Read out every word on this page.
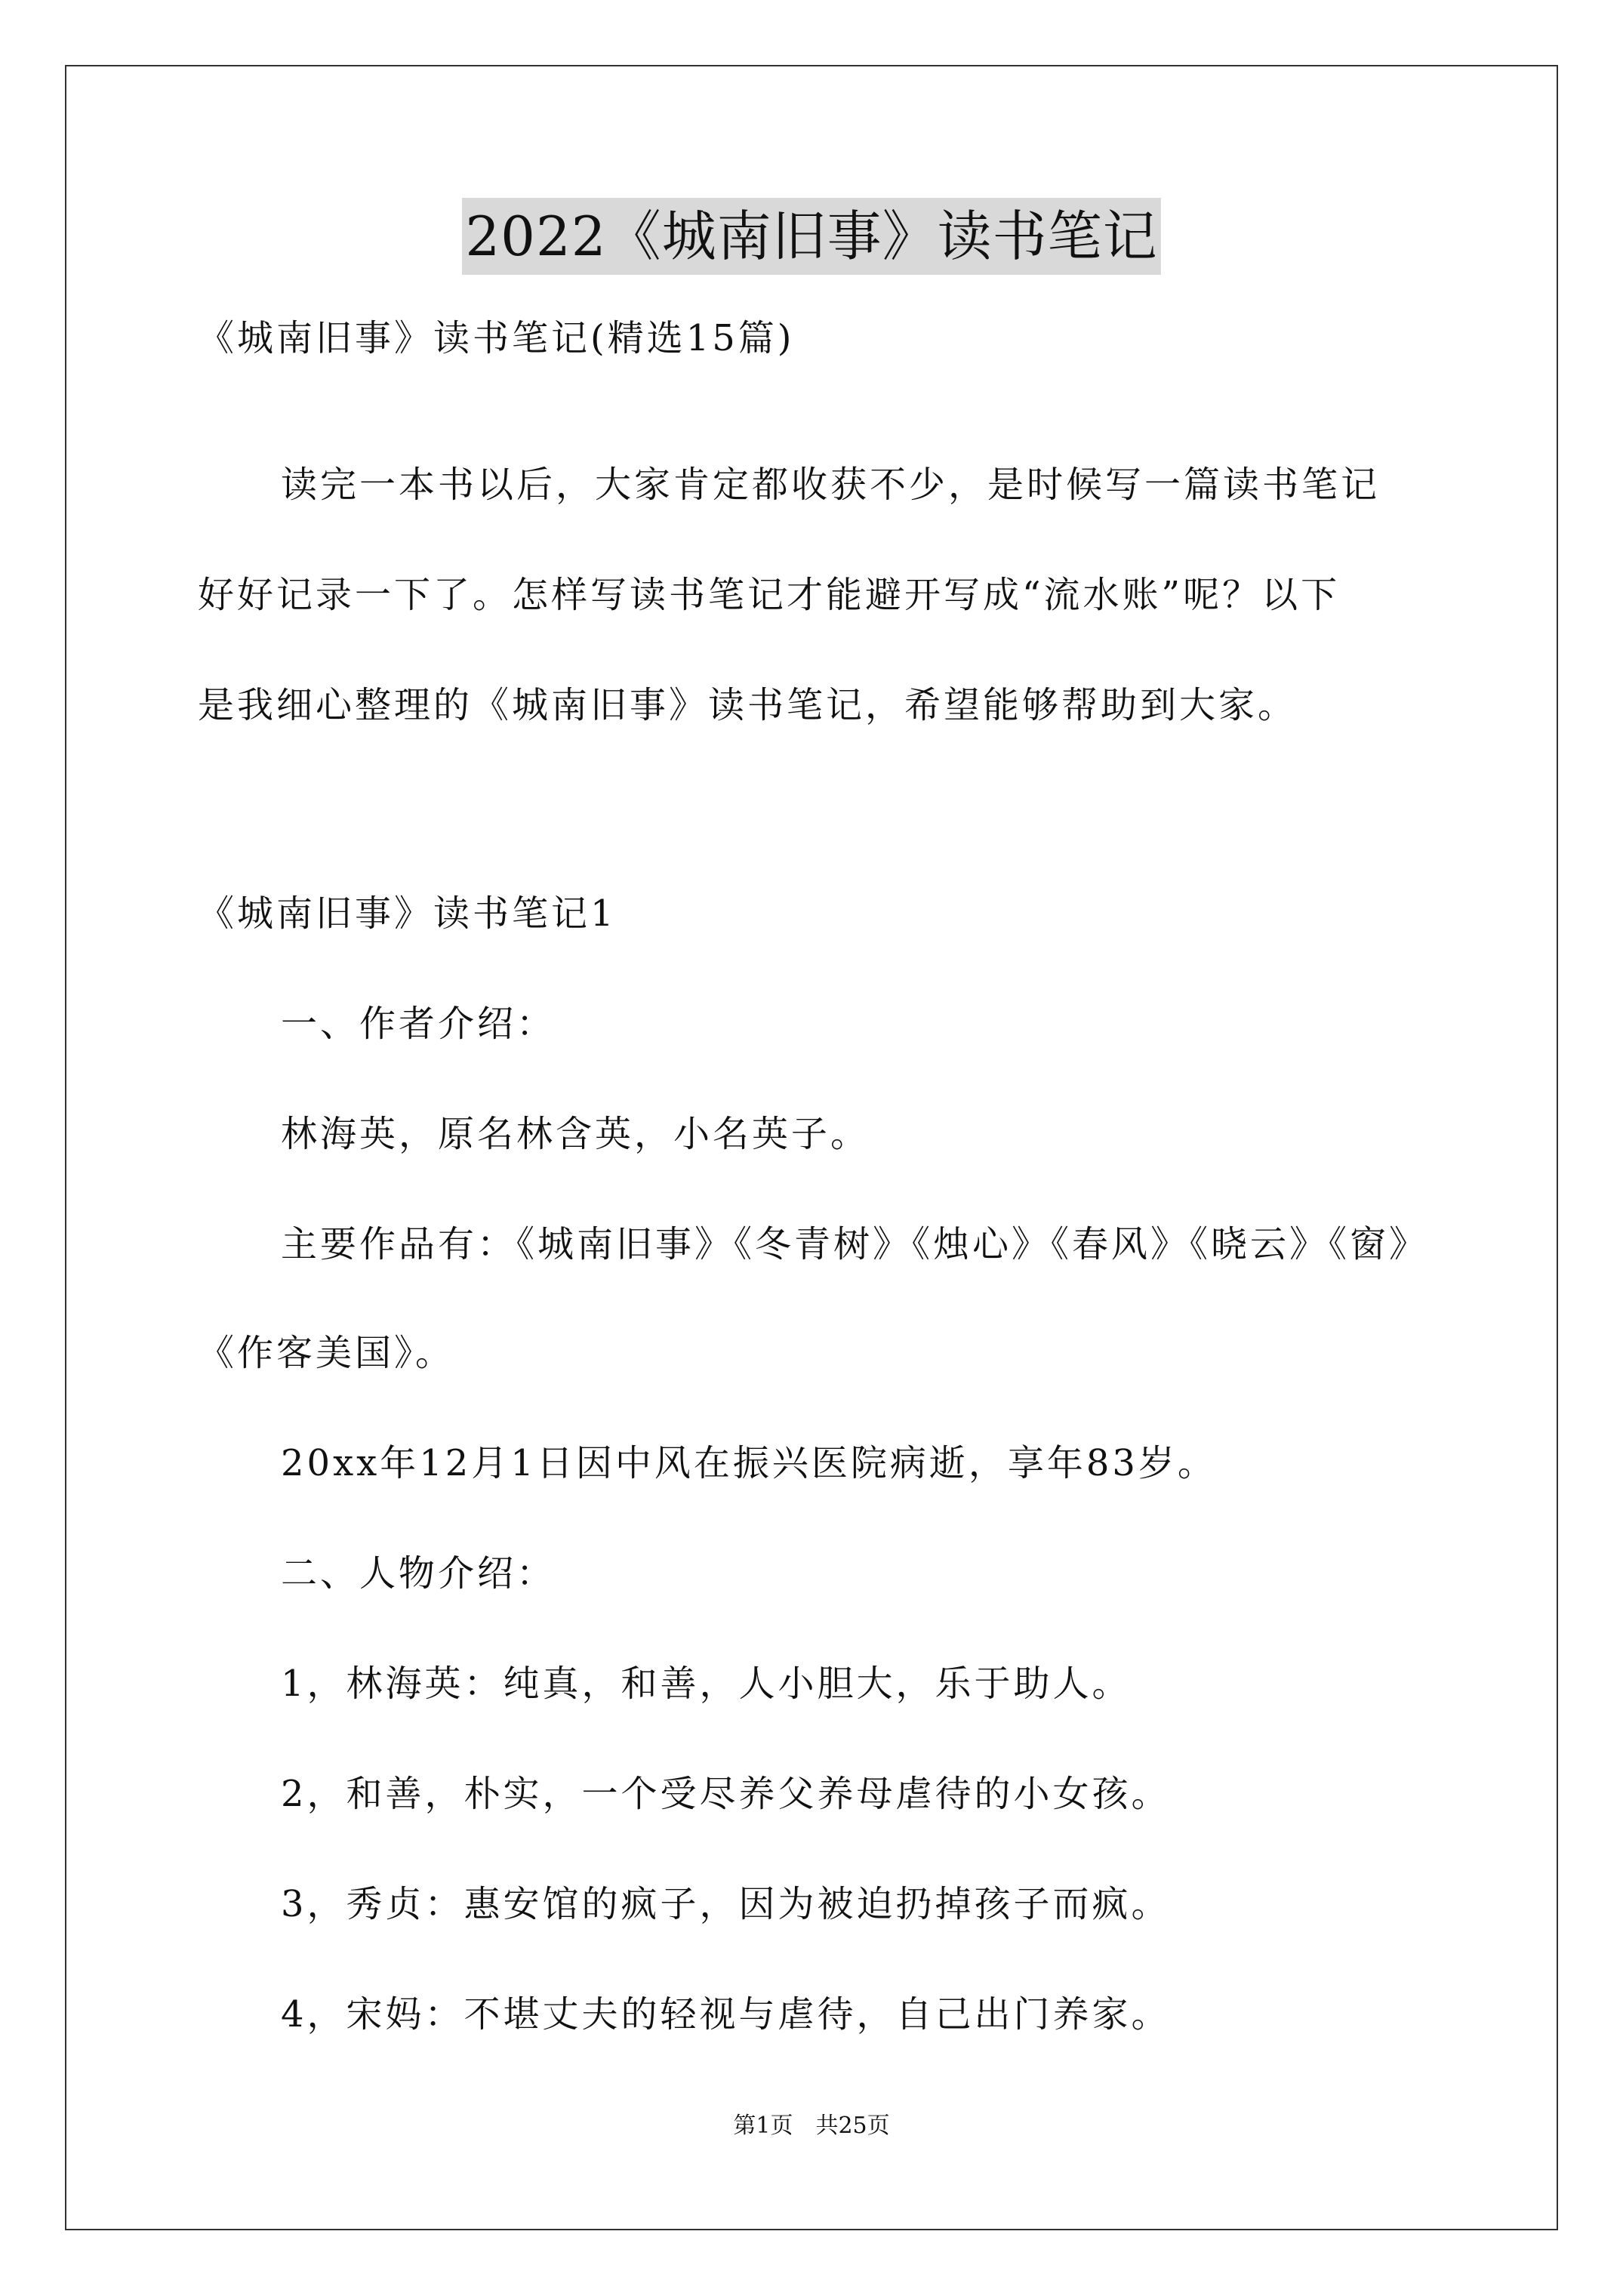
2022《城南旧事》读书笔记

《城南旧事》读书笔记(精选15篇)

读完一本书以后，大家肯定都收获不少，是时候写一篇读书笔记

好好记录一下了。怎样写读书笔记才能避开写成“流水账”呢？以下

是我细心整理的《城南旧事》读书笔记，希望能够帮助到大家。

《城南旧事》读书笔记1

一、作者介绍：

林海英，原名林含英，小名英子。

主要作品有：《城南旧事》《冬青树》《烛心》《春风》《晓云》《窗》

《作客美国》。

20xx年12月1日因中风在振兴医院病逝，享年83岁。

二、人物介绍：

1，林海英：纯真，和善，人小胆大，乐于助人。

2，和善，朴实，一个受尽养父养母虐待的小女孩。

3，秀贞：惠安馆的疯子，因为被迫扔掉孩子而疯。

4，宋妈：不堪丈夫的轻视与虐待，自己出门养家。

第1页　共25页
